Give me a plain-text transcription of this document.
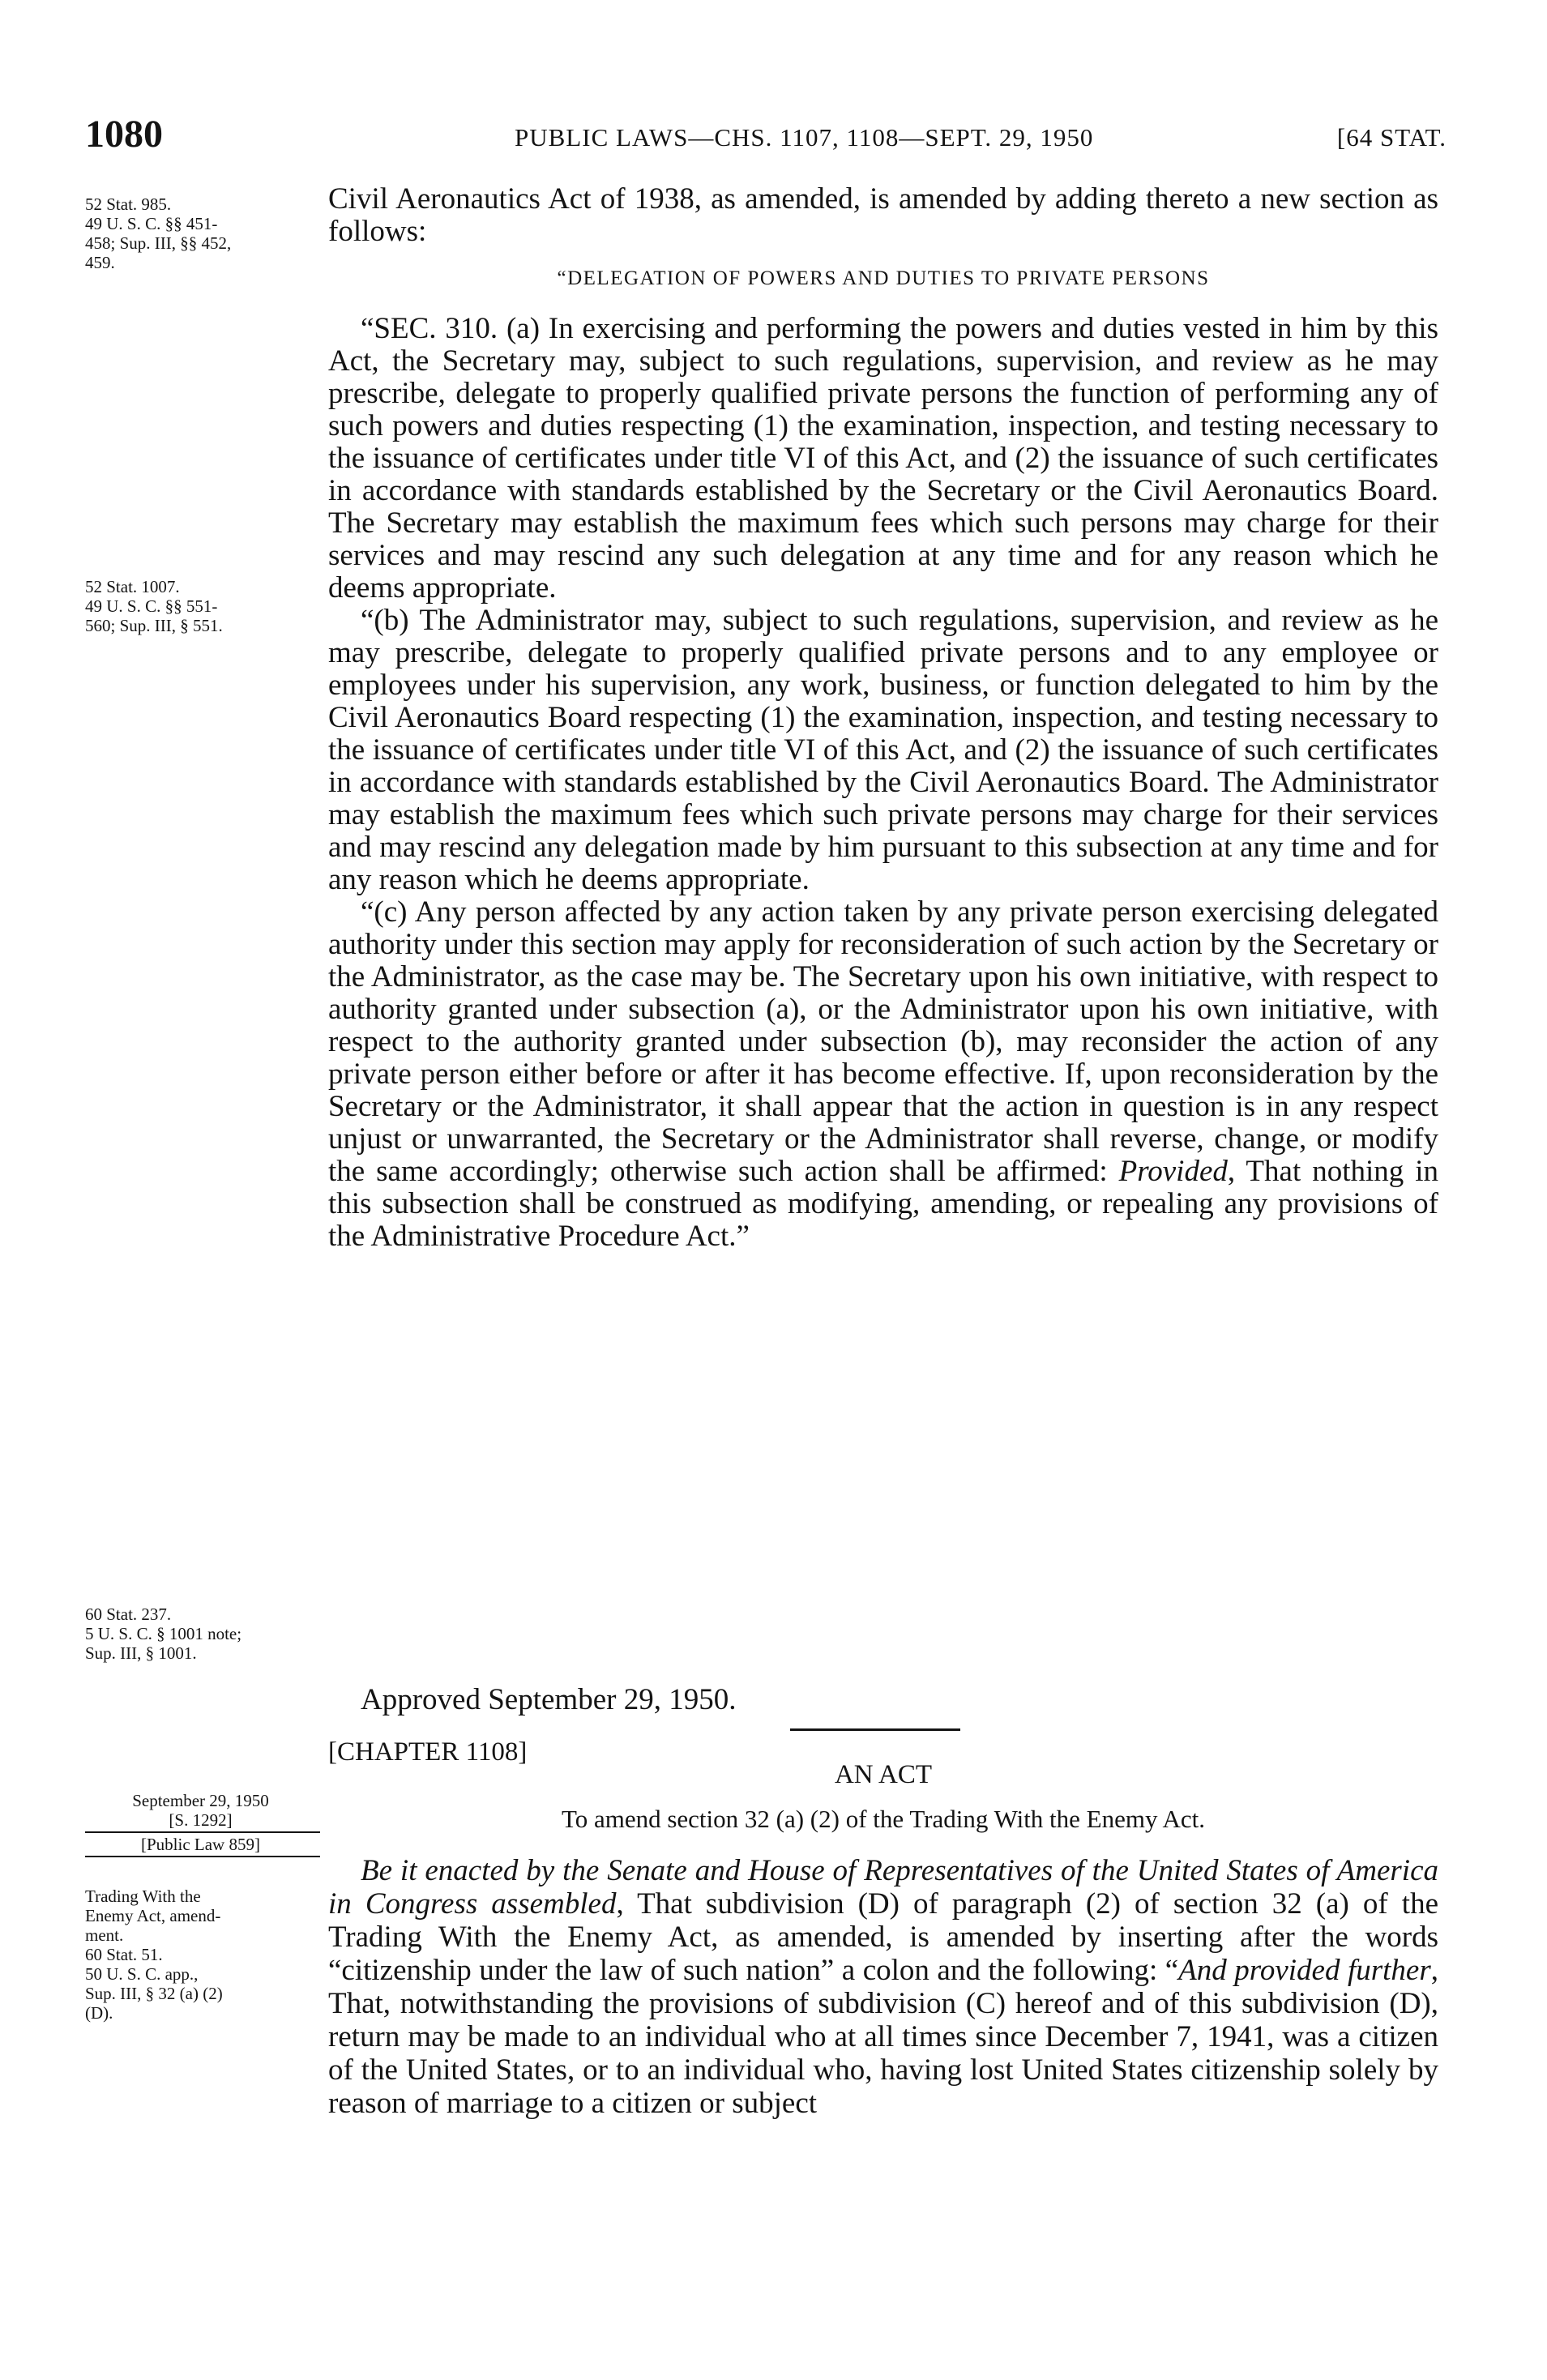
1080	PUBLIC LAWS—CHS. 1107, 1108—SEPT. 29, 1950	[64 STAT.
52 Stat. 985.
49 U. S. C. §§ 451-
458; Sup. III, §§ 452,
459.
52 Stat. 1007.
49 U. S. C. §§ 551-
560; Sup. III, § 551.
60 Stat. 237.
5 U. S. C. § 1001 note;
Sup. III, § 1001.
September 29, 1950
[S. 1292]
[Public Law 859]
Trading With the
Enemy Act, amend-
ment.
60 Stat. 51.
50 U. S. C. app.,
Sup. III, § 32 (a) (2)
(D).

Civil Aeronautics Act of 1938, as amended, is amended by adding thereto a new section as follows:

“DELEGATION OF POWERS AND DUTIES TO PRIVATE PERSONS

“SEC. 310. (a) In exercising and performing the powers and duties vested in him by this Act, the Secretary may, subject to such regulations, supervision, and review as he may prescribe, delegate to properly qualified private persons the function of performing any of such powers and duties respecting (1) the examination, inspection, and testing necessary to the issuance of certificates under title VI of this Act, and (2) the issuance of such certificates in accordance with standards established by the Secretary or the Civil Aeronautics Board. The Secretary may establish the maximum fees which such persons may charge for their services and may rescind any such delegation at any time and for any reason which he deems appropriate.

“(b) The Administrator may, subject to such regulations, supervision, and review as he may prescribe, delegate to properly qualified private persons and to any employee or employees under his supervision, any work, business, or function delegated to him by the Civil Aeronautics Board respecting (1) the examination, inspection, and testing necessary to the issuance of certificates under title VI of this Act, and (2) the issuance of such certificates in accordance with standards established by the Civil Aeronautics Board. The Administrator may establish the maximum fees which such private persons may charge for their services and may rescind any delegation made by him pursuant to this subsection at any time and for any reason which he deems appropriate.

“(c) Any person affected by any action taken by any private person exercising delegated authority under this section may apply for reconsideration of such action by the Secretary or the Administrator, as the case may be. The Secretary upon his own initiative, with respect to authority granted under subsection (a), or the Administrator upon his own initiative, with respect to the authority granted under subsection (b), may reconsider the action of any private person either before or after it has become effective. If, upon reconsideration by the Secretary or the Administrator, it shall appear that the action in question is in any respect unjust or unwarranted, the Secretary or the Administrator shall reverse, change, or modify the same accordingly; otherwise such action shall be affirmed: Provided, That nothing in this subsection shall be construed as modifying, amending, or repealing any provisions of the Administrative Procedure Act.”

Approved September 29, 1950.
[CHAPTER 1108]
AN ACT
To amend section 32 (a) (2) of the Trading With the Enemy Act.

Be it enacted by the Senate and House of Representatives of the United States of America in Congress assembled, That subdivision (D) of paragraph (2) of section 32 (a) of the Trading With the Enemy Act, as amended, is amended by inserting after the words “citizenship under the law of such nation” a colon and the following: “And provided further, That, notwithstanding the provisions of subdivision (C) hereof and of this subdivision (D), return may be made to an individual who at all times since December 7, 1941, was a citizen of the United States, or to an individual who, having lost United States citizenship solely by reason of marriage to a citizen or subject
